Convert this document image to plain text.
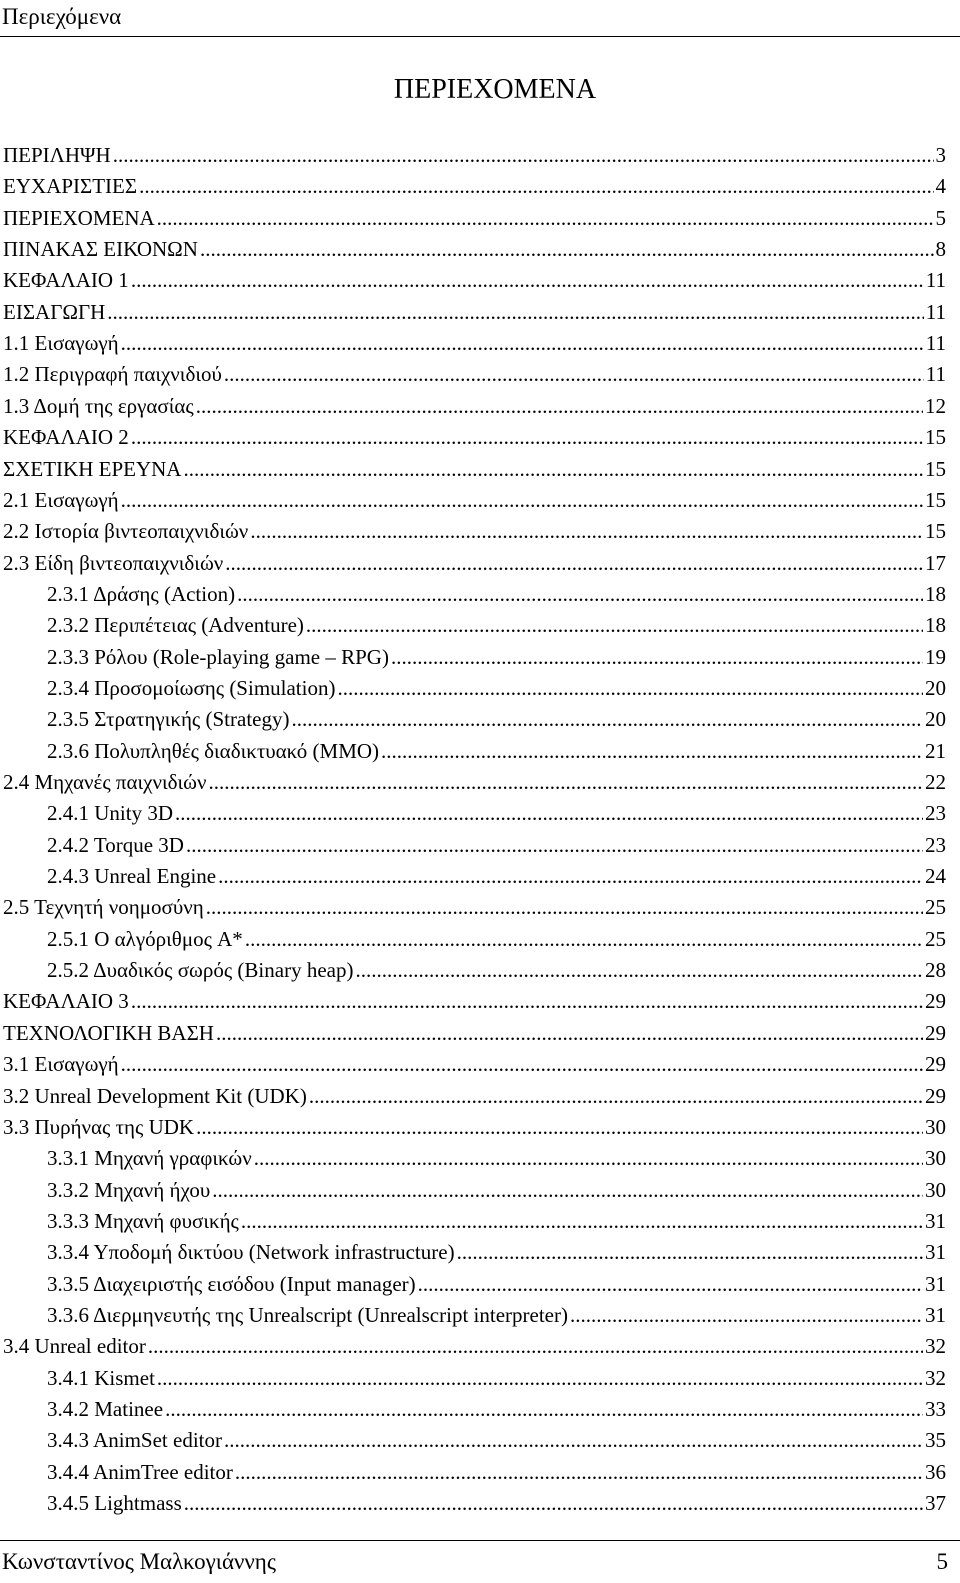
Περιεχόμενα
ΠΕΡΙΕΧΟΜΕΝΑ
ΠΕΡΙΛΗΨΗ .....	3
ΕΥΧΑΡΙΣΤΙΕΣ .....	4
ΠΕΡΙΕΧΟΜΕΝΑ .....	5
ΠΙΝΑΚΑΣ ΕΙΚΟΝΩΝ .....	8
ΚΕΦΑΛΑΙΟ 1 .....	11
ΕΙΣΑΓΩΓΗ .....	11
1.1 Εισαγωγή .....	11
1.2 Περιγραφή παιχνιδιού .....	11
1.3 Δομή της εργασίας .....	12
ΚΕΦΑΛΑΙΟ 2 .....	15
ΣΧΕΤΙΚΗ ΕΡΕΥΝΑ .....	15
2.1 Εισαγωγή .....	15
2.2 Ιστορία βιντεοπαιχνιδιών .....	15
2.3 Είδη βιντεοπαιχνιδιών .....	17
2.3.1 Δράσης (Action) .....	18
2.3.2 Περιπέτειας (Adventure) .....	18
2.3.3 Ρόλου (Role-playing game – RPG) .....	19
2.3.4 Προσομοίωσης (Simulation) .....	20
2.3.5 Στρατηγικής (Strategy) .....	20
2.3.6 Πολυπληθές διαδικτυακό (MMO) .....	21
2.4 Μηχανές παιχνιδιών .....	22
2.4.1 Unity 3D .....	23
2.4.2 Torque 3D .....	23
2.4.3 Unreal Engine .....	24
2.5 Τεχνητή νοημοσύνη .....	25
2.5.1 Ο αλγόριθμος A* .....	25
2.5.2 Δυαδικός σωρός (Binary heap) .....	28
ΚΕΦΑΛΑΙΟ 3 .....	29
ΤΕΧΝΟΛΟΓΙΚΗ ΒΑΣΗ .....	29
3.1 Εισαγωγή .....	29
3.2 Unreal Development Kit (UDK) .....	29
3.3 Πυρήνας της UDK .....	30
3.3.1 Μηχανή γραφικών .....	30
3.3.2 Μηχανή ήχου .....	30
3.3.3 Μηχανή φυσικής .....	31
3.3.4 Υποδομή δικτύου (Network infrastructure) .....	31
3.3.5 Διαχειριστής εισόδου (Input manager) .....	31
3.3.6 Διερμηνευτής της Unrealscript (Unrealscript interpreter) .....	31
3.4 Unreal editor .....	32
3.4.1 Kismet .....	32
3.4.2 Matinee .....	33
3.4.3 AnimSet editor .....	35
3.4.4 AnimTree editor .....	36
3.4.5 Lightmass .....	37
Κωνσταντίνος Μαλκογιάννης	5
